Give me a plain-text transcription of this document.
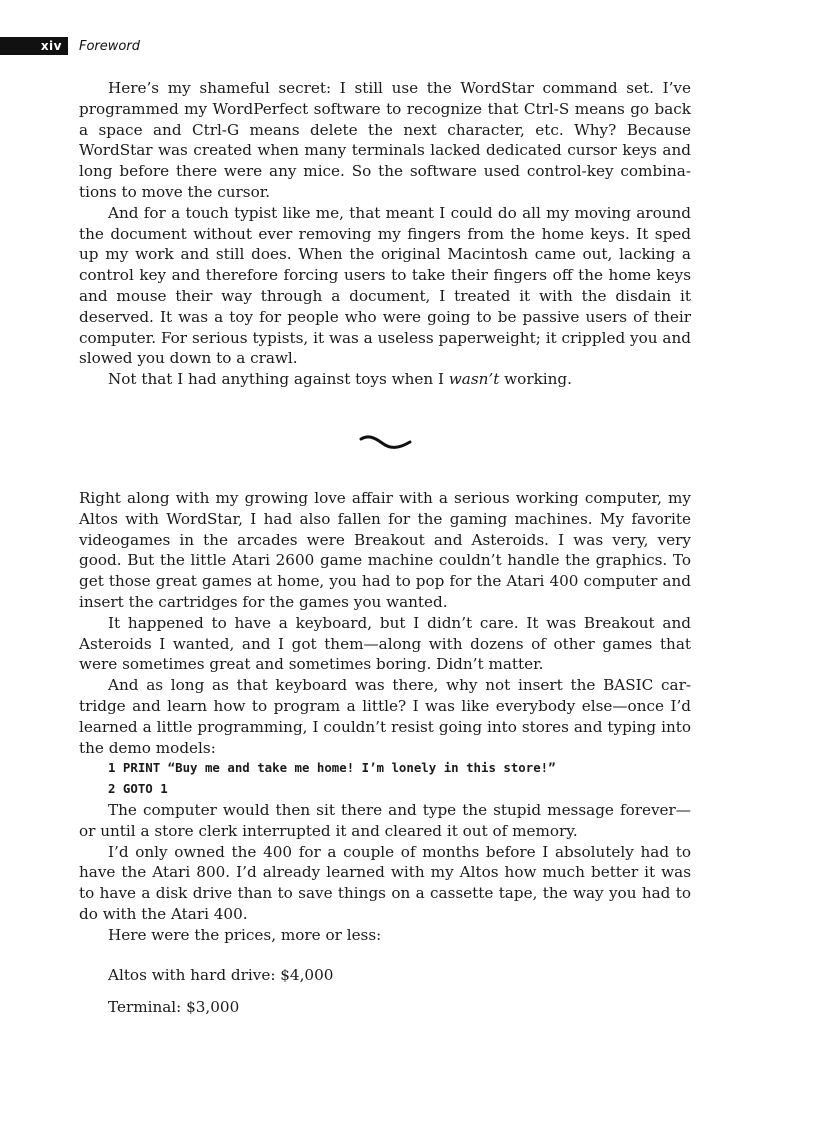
xiv	Foreword

Here’s my shameful secret: I still use the WordStar command set. I’ve programmed my WordPerfect software to recognize that Ctrl-S means go back a space and Ctrl-G means delete the next character, etc. Why? Because WordStar was created when many terminals lacked dedicated cursor keys and long before there were any mice. So the software used control-key combina-tions to move the cursor.

And for a touch typist like me, that meant I could do all my moving around the document without ever removing my fingers from the home keys. It sped up my work and still does. When the original Macintosh came out, lacking a control key and therefore forcing users to take their fingers off the home keys and mouse their way through a document, I treated it with the disdain it deserved. It was a toy for people who were going to be passive users of their computer. For serious typists, it was a useless paperweight; it crippled you and slowed you down to a crawl.

Not that I had anything against toys when I wasn’t working.

Right along with my growing love affair with a serious working computer, my Altos with WordStar, I had also fallen for the gaming machines. My favorite videogames in the arcades were Breakout and Asteroids. I was very, very good. But the little Atari 2600 game machine couldn’t handle the graphics. To get those great games at home, you had to pop for the Atari 400 computer and insert the cartridges for the games you wanted.

It happened to have a keyboard, but I didn’t care. It was Breakout and Asteroids I wanted, and I got them—along with dozens of other games that were sometimes great and sometimes boring. Didn’t matter.

And as long as that keyboard was there, why not insert the BASIC car-tridge and learn how to program a little? I was like everybody else—once I’d learned a little programming, I couldn’t resist going into stores and typing into the demo models:

1 PRINT “Buy me and take me home! I’m lonely in this store!”
2 GOTO 1

The computer would then sit there and type the stupid message forever—or until a store clerk interrupted it and cleared it out of memory.

I’d only owned the 400 for a couple of months before I absolutely had to have the Atari 800. I’d already learned with my Altos how much better it was to have a disk drive than to save things on a cassette tape, the way you had to do with the Atari 400.

Here were the prices, more or less:

Altos with hard drive: $4,000
Terminal: $3,000
